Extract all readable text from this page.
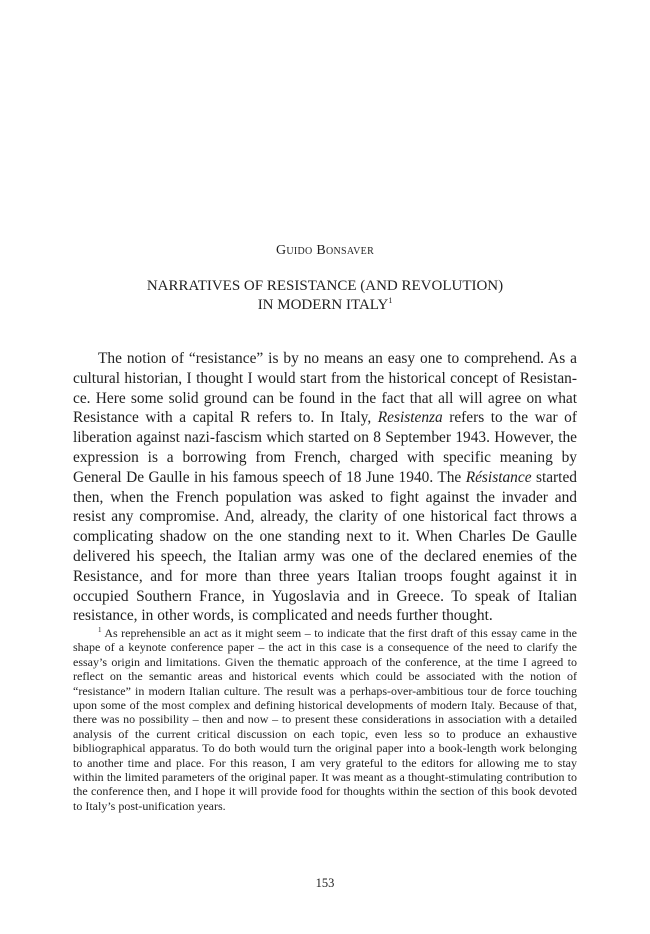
Guido Bonsaver
NARRATIVES OF RESISTANCE (AND REVOLUTION)
IN MODERN ITALY$^1$

The notion of “resistance” is by no means an easy one to comprehend. As a cultural historian, I thought I would start from the historical concept of Resistance. Here some solid ground can be found in the fact that all will agree on what Resistance with a capital R refers to. In Italy, Resistenza refers to the war of liberation against nazi-fascism which started on 8 September 1943. However, the expression is a borrowing from French, charged with specific meaning by General De Gaulle in his famous speech of 18 June 1940. The Résistance started then, when the French population was asked to fight against the invader and resist any compromise. And, already, the clarity of one historical fact throws a complicating shadow on the one standing next to it. When Charles De Gaulle delivered his speech, the Italian army was one of the declared enemies of the Resistance, and for more than three years Italian troops fought against it in occupied Southern France, in Yugoslavia and in Greece. To speak of Italian resistance, in other words, is complicated and needs further thought.

$^1$ As reprehensible an act as it might seem – to indicate that the first draft of this essay came in the shape of a keynote conference paper – the act in this case is a consequence of the need to clarify the essay’s origin and limitations. Given the thematic approach of the conference, at the time I agreed to reflect on the semantic areas and historical events which could be associated with the notion of “resistance” in modern Italian culture. The result was a perhaps-over-ambitious tour de force touching upon some of the most complex and defining historical developments of modern Italy. Because of that, there was no possibility – then and now – to present these considerations in association with a detailed analysis of the current critical discussion on each topic, even less so to produce an exhaustive bibliographical apparatus. To do both would turn the original paper into a book-length work belonging to another time and place. For this reason, I am very grateful to the editors for allowing me to stay within the limited parameters of the original paper. It was meant as a thought-stimulating contribution to the conference then, and I hope it will provide food for thoughts within the section of this book devoted to Italy’s post-unification years.

153
